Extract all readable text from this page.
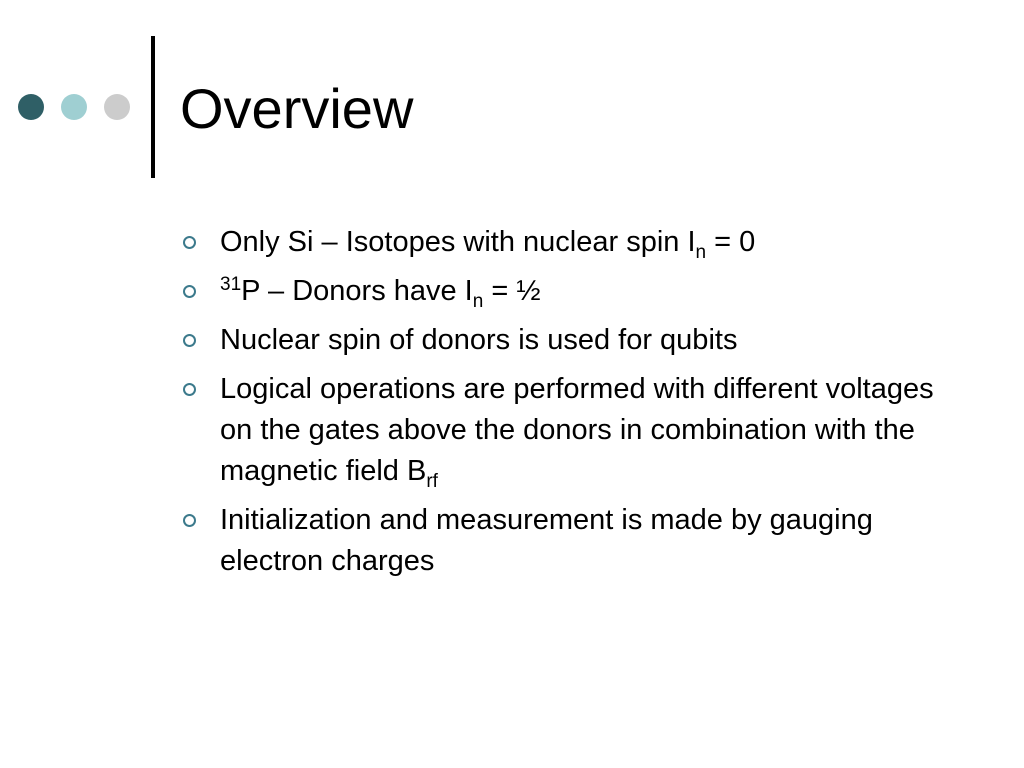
Overview
Only Si – Isotopes with nuclear spin $I_n = 0$
$^{31}$P – Donors have $I_n$ = ½
Nuclear spin of donors is used for qubits
Logical operations are performed with different voltages on the gates above the donors in combination with the magnetic field $B_{rf}$
Initialization and measurement is made by gauging electron charges
